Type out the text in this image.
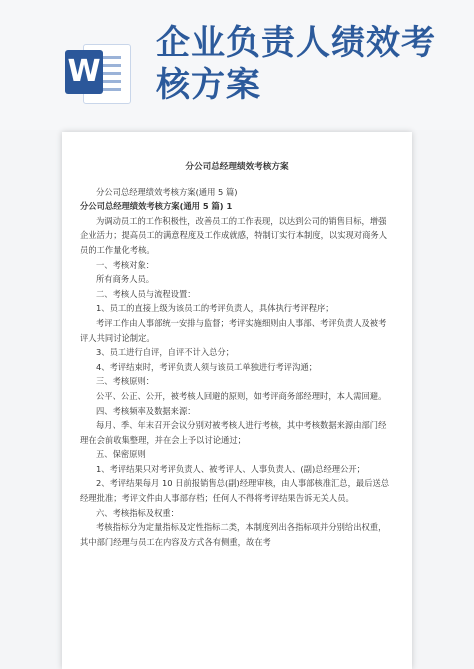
W
企业负责人绩效考
核方案

分公司总经理绩效考核方案

分公司总经理绩效考核方案(通用 5 篇)

分公司总经理绩效考核方案(通用 5 篇) 1

为调动员工的工作积极性，改善员工的工作表现，以达到公司的销售目标，增强企业活力；提高员工的满意程度及工作成就感，特制订实行本制度，以实现对商务人员的工作量化考核。

一、考核对象：

所有商务人员。

二、考核人员与流程设置：

1、员工的直接上级为该员工的考评负责人，具体执行考评程序；

考评工作由人事部统一安排与监督；考评实施细则由人事部、考评负责人及被考评人共同讨论制定。

3、员工进行自评，自评不计入总分；

4、考评结束时，考评负责人须与该员工单独进行考评沟通；

三、考核原则：

公平、公正、公开，被考核人回避的原则，如考评商务部经理时，本人需回避。

四、考核频率及数据来源：

每月、季、年末召开会议分别对被考核人进行考核，其中考核数据来源由部门经理在会前收集整理，并在会上予以讨论通过；

五、保密原则

1、考评结果只对考评负责人、被考评人、人事负责人、(副)总经理公开；

2、考评结果每月 10 日前报销售总(副)经理审核，由人事部核准汇总，最后送总经理批准；考评文件由人事部存档；任何人不得将考评结果告诉无关人员。

六、考核指标及权重：

考核指标分为定量指标及定性指标二类，本制度列出各指标项并分别给出权重，其中部门经理与员工在内容及方式各有侧重，故在考
